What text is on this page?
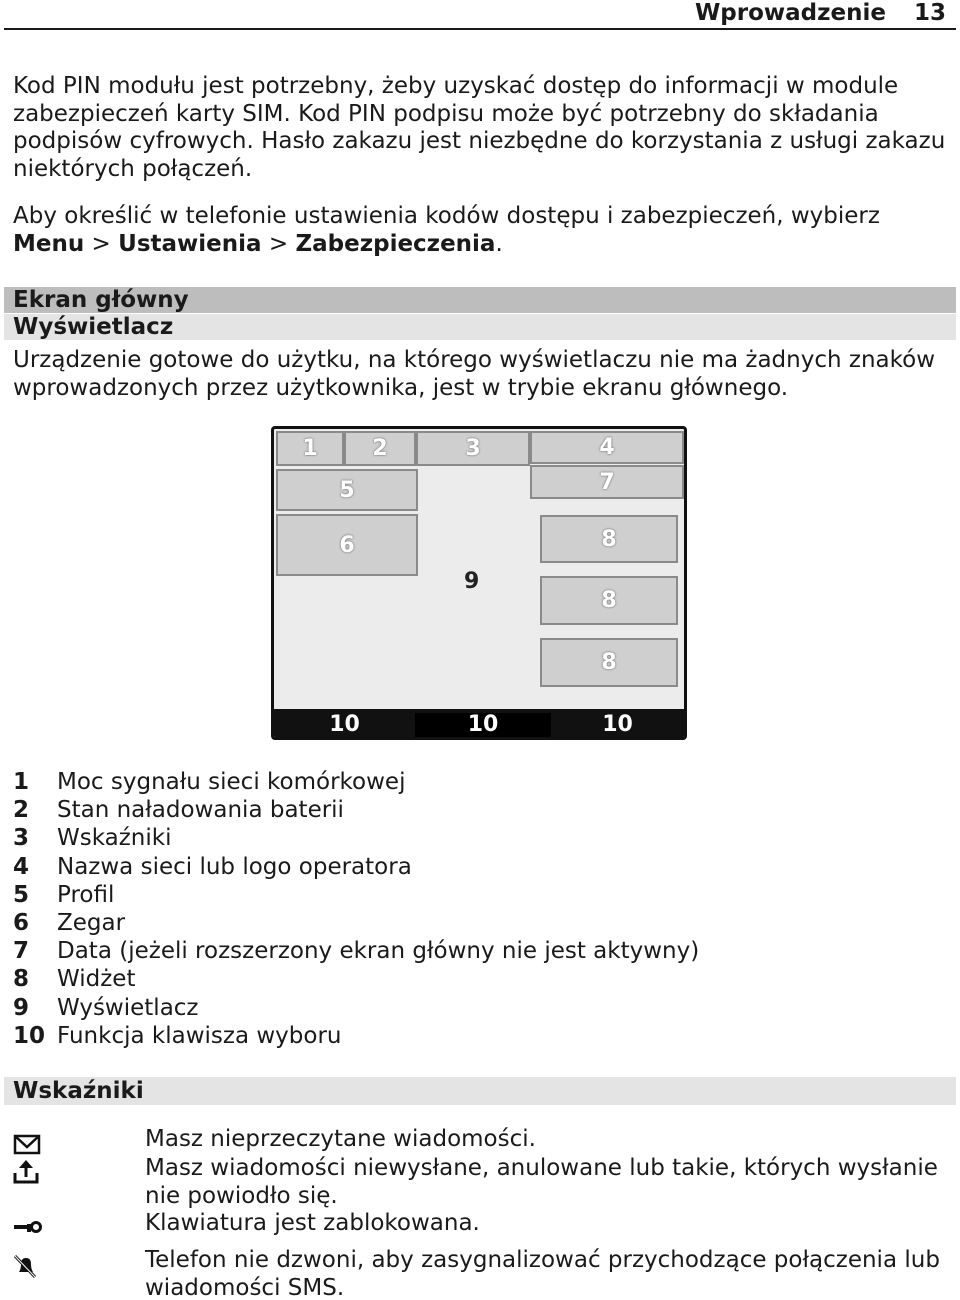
Wprowadzenie 13

Kod PIN modułu jest potrzebny, żeby uzyskać dostęp do informacji w module zabezpieczeń karty SIM. Kod PIN podpisu może być potrzebny do składania podpisów cyfrowych. Hasło zakazu jest niezbędne do korzystania z usługi zakazu niektórych połączeń.

Aby określić w telefonie ustawienia kodów dostępu i zabezpieczeń, wybierz Menu > Ustawienia > Zabezpieczenia.

Ekran główny
Wyświetlacz

Urządzenie gotowe do użytku, na którego wyświetlaczu nie ma żadnych znaków wprowadzonych przez użytkownika, jest w trybie ekranu głównego.

1	2	3	4
5
6
7
8
8
8
9
10	10	10
1	Moc sygnału sieci komórkowej
2	Stan naładowania baterii
3	Wskaźniki
4	Nazwa sieci lub logo operatora
5	Profil
6	Zegar
7	Data (jeżeli rozszerzony ekran główny nie jest aktywny)
8	Widżet
9	Wyświetlacz
10 Funkcja klawisza wyboru
Wskaźniki
Masz nieprzeczytane wiadomości.
Masz wiadomości niewysłane, anulowane lub takie, których wysłanie nie powiodło się.
Klawiatura jest zablokowana.
Telefon nie dzwoni, aby zasygnalizować przychodzące połączenia lub wiadomości SMS.
